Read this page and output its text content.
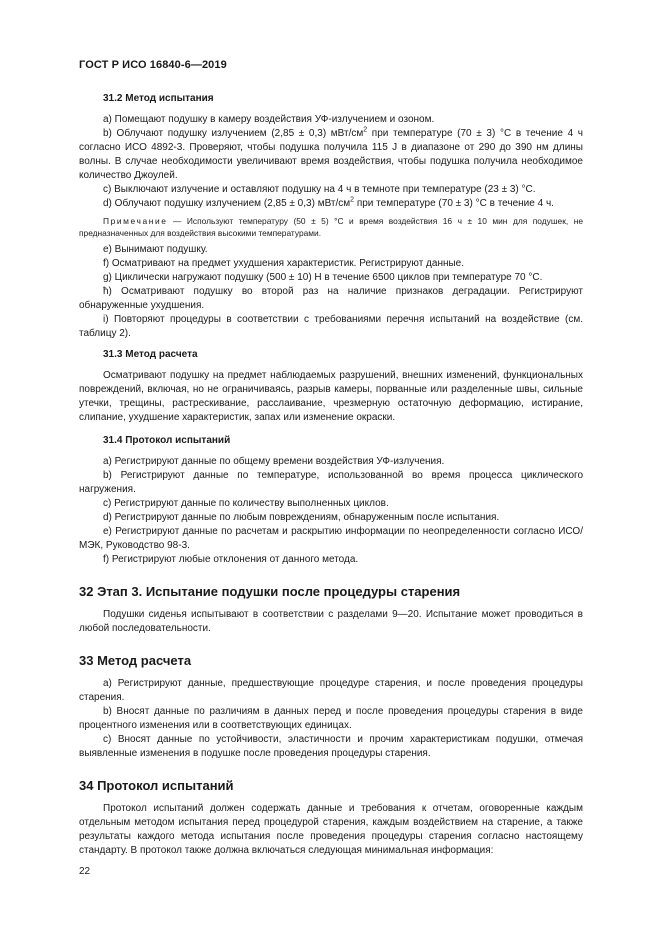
ГОСТ Р ИСО 16840-6—2019
31.2 Метод испытания

a) Помещают подушку в камеру воздействия УФ-излучением и озоном.

b) Облучают подушку излучением (2,85 ± 0,3) мВт/$см^2$ при температуре (70 ± 3) °C в течение 4 ч согласно ИСО 4892-3. Проверяют, чтобы подушка получила 115 J в диапазоне от 290 до 390 нм длины волны. В случае необходимости увеличивают время воздействия, чтобы подушка получила необходимое количество Джоулей.

c) Выключают излучение и оставляют подушку на 4 ч в темноте при температуре (23 ± 3) °C.

d) Облучают подушку излучением (2,85 ± 0,3) мВт/$см^2$ при температуре (70 ± 3) °C в течение 4 ч.

Примечание — Используют температуру (50 ± 5) °C и время воздействия 16 ч ± 10 мин для подушек, не предназначенных для воздействия высокими температурами.

e) Вынимают подушку.

f) Осматривают на предмет ухудшения характеристик. Регистрируют данные.

g) Циклически нагружают подушку (500 ± 10) Н в течение 6500 циклов при температуре 70 °C.

ħ) Осматривают подушку во второй раз на наличие признаков деградации. Регистрируют обнаруженные ухудшения.

i) Повторяют процедуры в соответствии с требованиями перечня испытаний на воздействие (см. таблицу 2).

31.3 Метод расчета

Осматривают подушку на предмет наблюдаемых разрушений, внешних изменений, функциональных повреждений, включая, но не ограничиваясь, разрыв камеры, порванные или разделенные швы, сильные утечки, трещины, растрескивание, расслаивание, чрезмерную остаточную деформацию, истирание, слипание, ухудшение характеристик, запах или изменение окраски.

31.4 Протокол испытаний

a) Регистрируют данные по общему времени воздействия УФ-излучения.

b) Регистрируют данные по температуре, использованной во время процесса циклического нагружения.

c) Регистрируют данные по количеству выполненных циклов.

d) Регистрируют данные по любым повреждениям, обнаруженным после испытания.

e) Регистрируют данные по расчетам и раскрытию информации по неопределенности согласно ИСО/МЭК, Руководство 98-3.

f) Регистрируют любые отклонения от данного метода.

32 Этап 3. Испытание подушки после процедуры старения

Подушки сиденья испытывают в соответствии с разделами 9—20. Испытание может проводиться в любой последовательности.

33 Метод расчета

a) Регистрируют данные, предшествующие процедуре старения, и после проведения процедуры старения.

b) Вносят данные по различиям в данных перед и после проведения процедуры старения в виде процентного изменения или в соответствующих единицах.

c) Вносят данные по устойчивости, эластичности и прочим характеристикам подушки, отмечая выявленные изменения в подушке после проведения процедуры старения.

34 Протокол испытаний

Протокол испытаний должен содержать данные и требования к отчетам, оговоренные каждым отдельным методом испытания перед процедурой старения, каждым воздействием на старение, а также результаты каждого метода испытания после проведения процедуры старения согласно настоящему стандарту. В протокол также должна включаться следующая минимальная информация:

22
